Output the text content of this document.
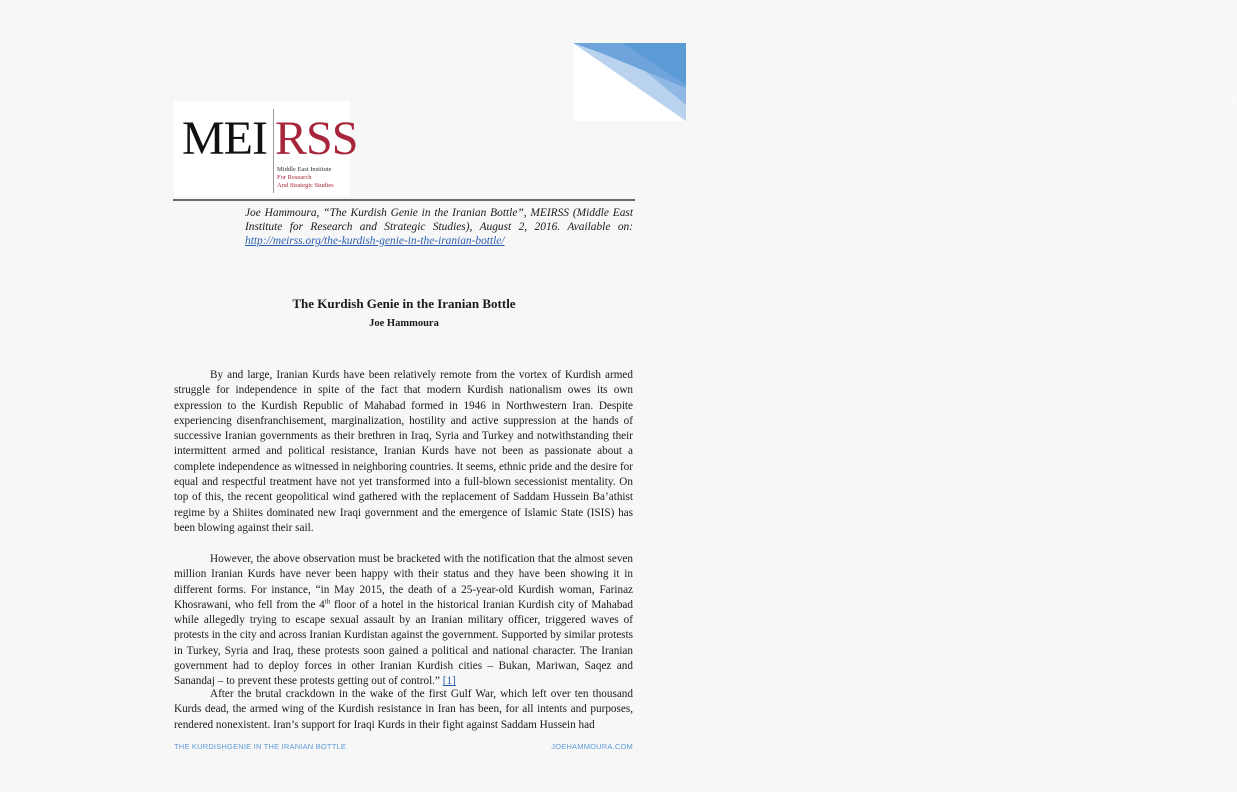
1
MEI RSS
Middle East Institute
For Research
And Strategic Studies
Joe Hammoura, “The Kurdish Genie in the Iranian Bottle”, MEIRSS (Middle East Institute for Research and Strategic Studies), August 2, 2016. Available on: http://meirss.org/the-kurdish-genie-in-the-iranian-bottle/
The Kurdish Genie in the Iranian Bottle
Joe Hammoura

By and large, Iranian Kurds have been relatively remote from the vortex of Kurdish armed struggle for independence in spite of the fact that modern Kurdish nationalism owes its own expression to the Kurdish Republic of Mahabad formed in 1946 in Northwestern Iran. Despite experiencing disenfranchisement, marginalization, hostility and active suppression at the hands of successive Iranian governments as their brethren in Iraq, Syria and Turkey and notwithstanding their intermittent armed and political resistance, Iranian Kurds have not been as passionate about a complete independence as witnessed in neighboring countries. It seems, ethnic pride and the desire for equal and respectful treatment have not yet transformed into a full-blown secessionist mentality. On top of this, the recent geopolitical wind gathered with the replacement of Saddam Hussein Ba’athist regime by a Shiites dominated new Iraqi government and the emergence of Islamic State (ISIS) has been blowing against their sail.

However, the above observation must be bracketed with the notification that the almost seven million Iranian Kurds have never been happy with their status and they have been showing it in different forms. For instance, “in May 2015, the death of a 25-year-old Kurdish woman, Farinaz Khosrawani, who fell from the 4th floor of a hotel in the historical Iranian Kurdish city of Mahabad while allegedly trying to escape sexual assault by an Iranian military officer, triggered waves of protests in the city and across Iranian Kurdistan against the government. Supported by similar protests in Turkey, Syria and Iraq, these protests soon gained a political and national character. The Iranian government had to deploy forces in other Iranian Kurdish cities – Bukan, Mariwan, Saqez and Sanandaj – to prevent these protests getting out of control.” [1]

After the brutal crackdown in the wake of the first Gulf War, which left over ten thousand Kurds dead, the armed wing of the Kurdish resistance in Iran has been, for all intents and purposes, rendered nonexistent. Iran’s support for Iraqi Kurds in their fight against Saddam Hussein had

THE KURDISHGENIE IN THE IRANIAN BOTTLE	JOEHAMMOURA.COM
